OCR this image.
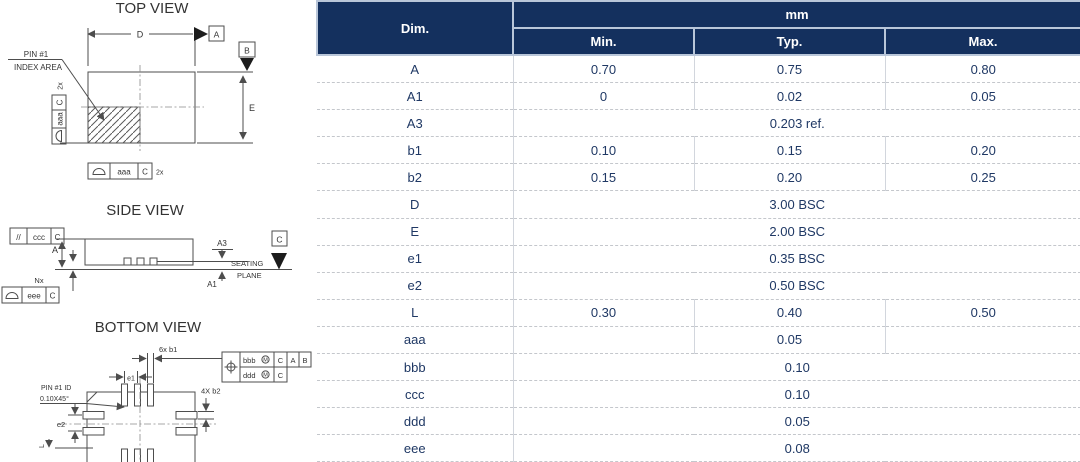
TOP VIEW
D	A
B
E
PIN #1
INDEX AREA
aaa
C
2x
aaa C 2x
SIDE VIEW
// ccc C
A
A3
A1
SEATING
PLANE
C
Nx
eee C
BOTTOM VIEW
6x b1
e1
PIN #1 ID
0.10X45°
bbb M C A B
ddd M C
4X b2
e2
L
Dim.	mm		
	Min.	Typ.	Max.
A	0.70	0.75	0.80
A1	0	0.02	0.05
A3	0.203 ref.		
b1	0.10	0.15	0.20
b2	0.15	0.20	0.25
D	3.00 BSC		
E	2.00 BSC		
e1	0.35 BSC		
e2	0.50 BSC		
L	0.30	0.40	0.50
aaa		0.05	
bbb	0.10		
ccc	0.10		
ddd	0.05		
eee	0.08		
